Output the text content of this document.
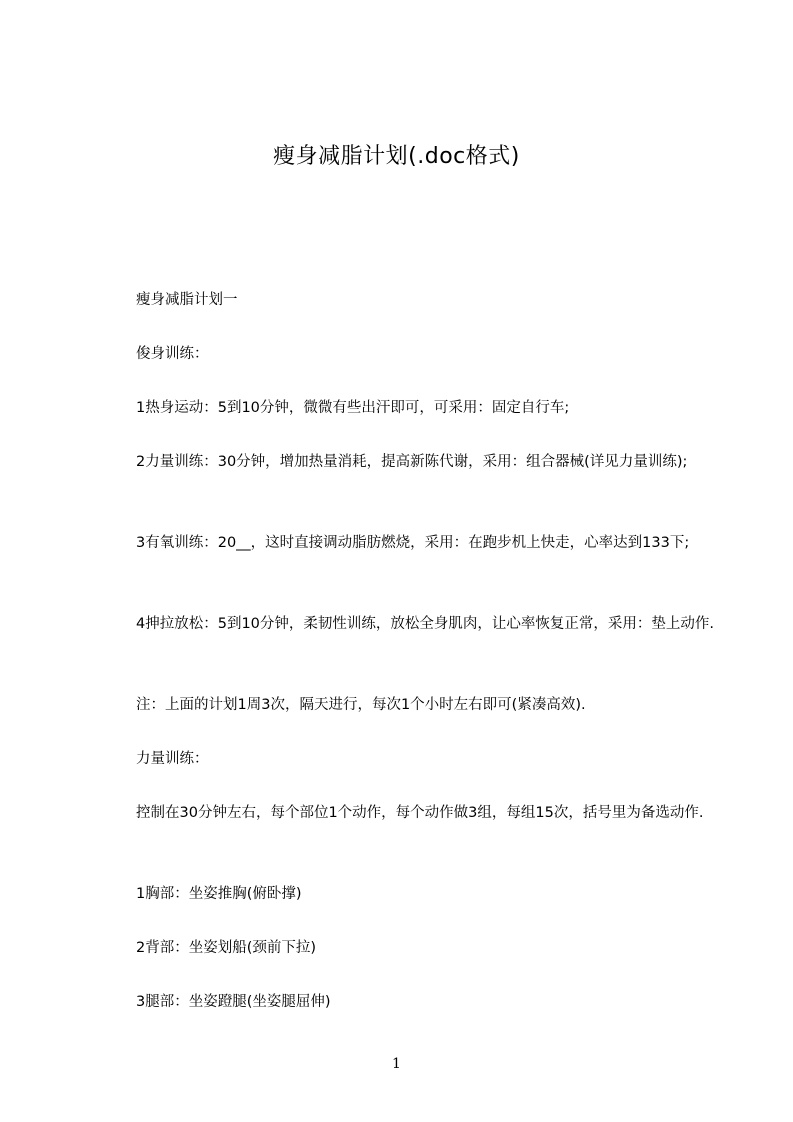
瘦身减脂计划(.doc格式)

瘦身减脂计划一

俊身训练：

1热身运动：5到10分钟，微微有些出汗即可，可采用：固定自行车;

2力量训练：30分钟，增加热量消耗，提高新陈代谢，采用：组合器械(详见力量训练);

3有氧训练：20__，这时直接调动脂肪燃烧，采用：在跑步机上快走，心率达到133下;

4抻拉放松：5到10分钟，柔韧性训练，放松全身肌肉，让心率恢复正常，采用：垫上动作.

注：上面的计划1周3次，隔天进行，每次1个小时左右即可(紧凑高效).

力量训练：

控制在30分钟左右，每个部位1个动作，每个动作做3组，每组15次，括号里为备选动作.

1胸部：坐姿推胸(俯卧撑)

2背部：坐姿划船(颈前下拉)

3腿部：坐姿蹬腿(坐姿腿屈伸)

1
